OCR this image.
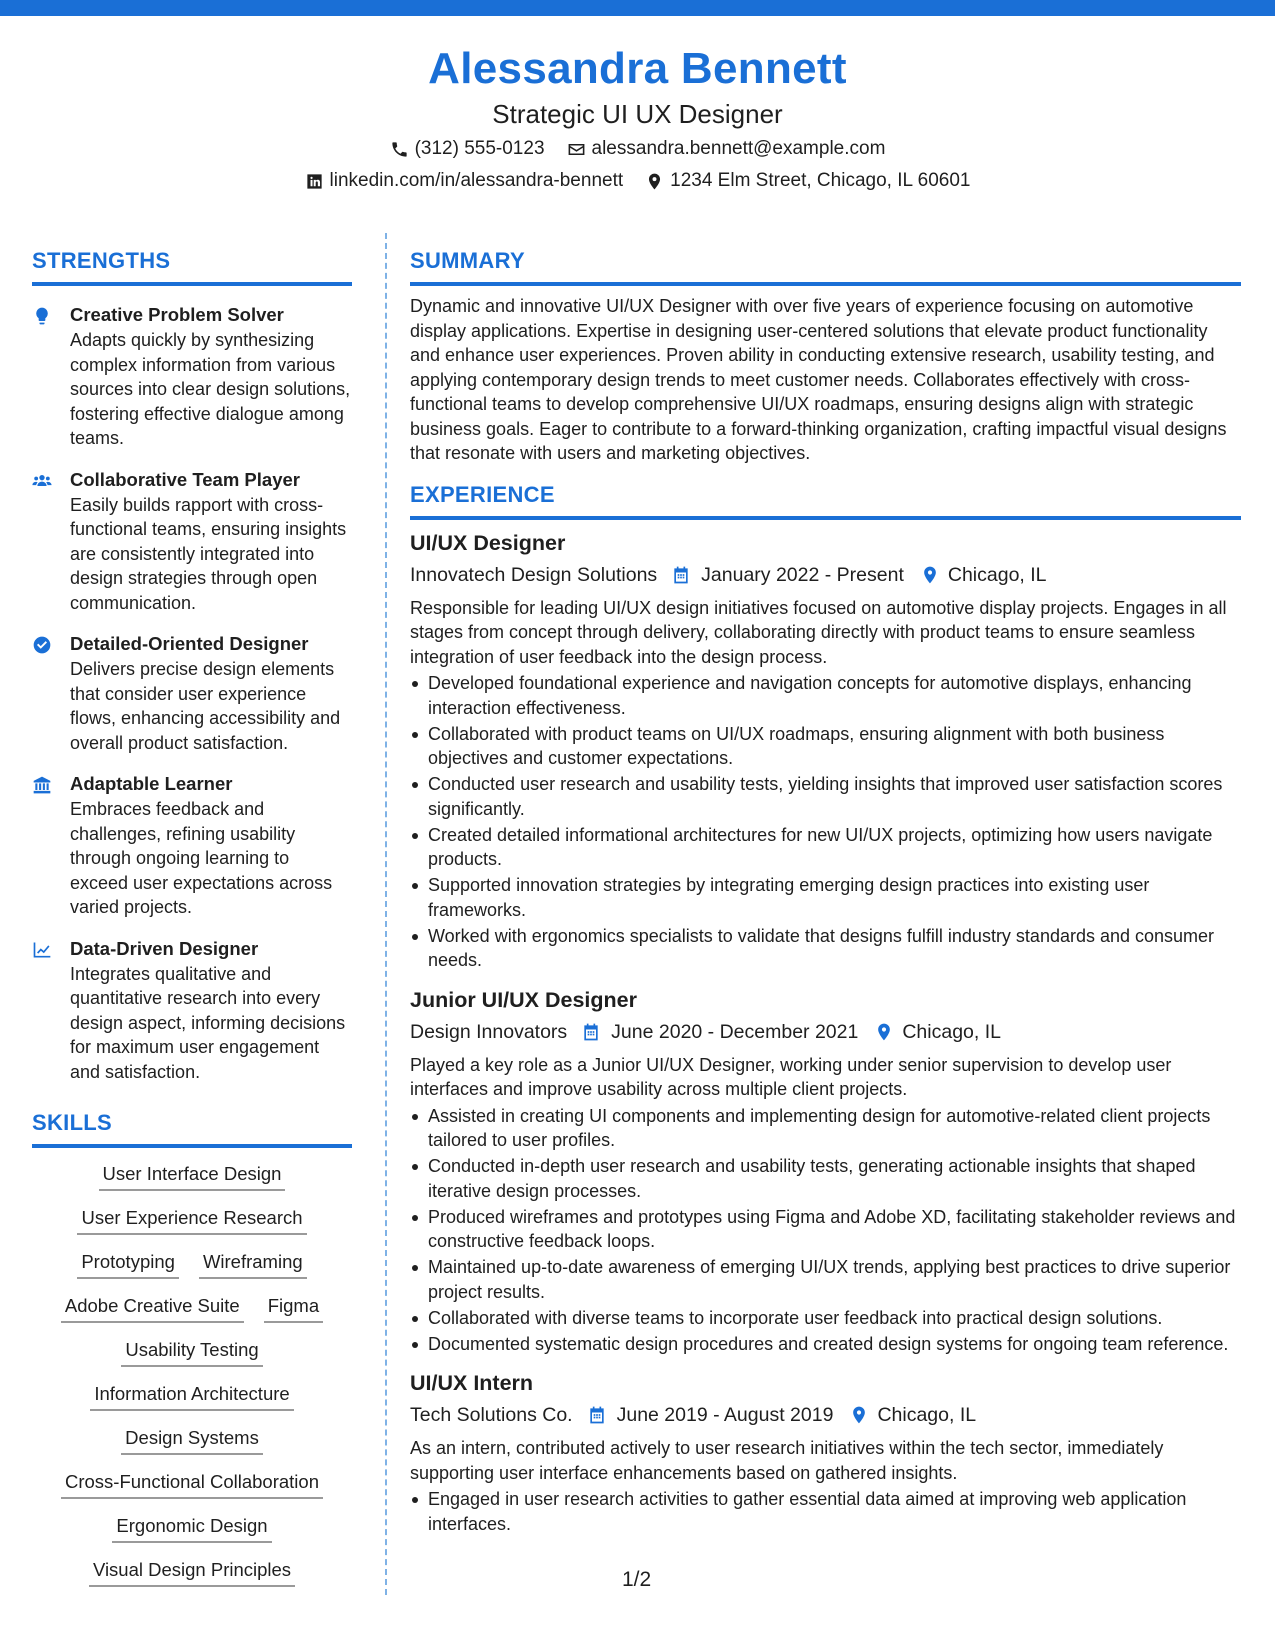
Alessandra Bennett
Strategic UI UX Designer
(312) 555-0123 alessandra.bennett@example.com
linkedin.com/in/alessandra-bennett 1234 Elm Street, Chicago, IL 60601
STRENGTHS
Creative Problem Solver
Adapts quickly by synthesizing complex information from various sources into clear design solutions, fostering effective dialogue among teams.
Collaborative Team Player
Easily builds rapport with cross-functional teams, ensuring insights are consistently integrated into design strategies through open communication.
Detailed-Oriented Designer
Delivers precise design elements that consider user experience flows, enhancing accessibility and overall product satisfaction.
Adaptable Learner
Embraces feedback and challenges, refining usability through ongoing learning to exceed user expectations across varied projects.
Data-Driven Designer
Integrates qualitative and quantitative research into every design aspect, informing decisions for maximum user engagement and satisfaction.
SKILLS
User Interface Design
User Experience Research
Prototyping Wireframing
Adobe Creative Suite Figma
Usability Testing
Information Architecture
Design Systems
Cross-Functional Collaboration
Ergonomic Design
Visual Design Principles
SUMMARY
Dynamic and innovative UI/UX Designer with over five years of experience focusing on automotive display applications. Expertise in designing user-centered solutions that elevate product functionality and enhance user experiences. Proven ability in conducting extensive research, usability testing, and applying contemporary design trends to meet customer needs. Collaborates effectively with cross-functional teams to develop comprehensive UI/UX roadmaps, ensuring designs align with strategic business goals. Eager to contribute to a forward-thinking organization, crafting impactful visual designs that resonate with users and marketing objectives.
EXPERIENCE
UI/UX Designer
Innovatech Design Solutions January 2022 - Present Chicago, IL
Responsible for leading UI/UX design initiatives focused on automotive display projects. Engages in all stages from concept through delivery, collaborating directly with product teams to ensure seamless integration of user feedback into the design process.
Developed foundational experience and navigation concepts for automotive displays, enhancing interaction effectiveness.
Collaborated with product teams on UI/UX roadmaps, ensuring alignment with both business objectives and customer expectations.
Conducted user research and usability tests, yielding insights that improved user satisfaction scores significantly.
Created detailed informational architectures for new UI/UX projects, optimizing how users navigate products.
Supported innovation strategies by integrating emerging design practices into existing user frameworks.
Worked with ergonomics specialists to validate that designs fulfill industry standards and consumer needs.
Junior UI/UX Designer
Design Innovators June 2020 - December 2021 Chicago, IL
Played a key role as a Junior UI/UX Designer, working under senior supervision to develop user interfaces and improve usability across multiple client projects.
Assisted in creating UI components and implementing design for automotive-related client projects tailored to user profiles.
Conducted in-depth user research and usability tests, generating actionable insights that shaped iterative design processes.
Produced wireframes and prototypes using Figma and Adobe XD, facilitating stakeholder reviews and constructive feedback loops.
Maintained up-to-date awareness of emerging UI/UX trends, applying best practices to drive superior project results.
Collaborated with diverse teams to incorporate user feedback into practical design solutions.
Documented systematic design procedures and created design systems for ongoing team reference.
UI/UX Intern
Tech Solutions Co. June 2019 - August 2019 Chicago, IL
As an intern, contributed actively to user research initiatives within the tech sector, immediately supporting user interface enhancements based on gathered insights.
Engaged in user research activities to gather essential data aimed at improving web application interfaces.
1/2
